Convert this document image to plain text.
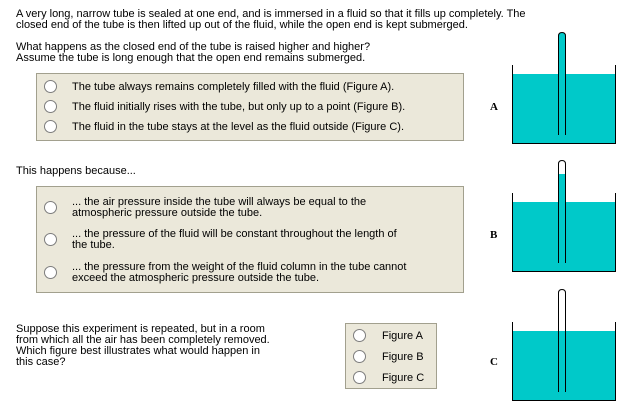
A very long, narrow tube is sealed at one end, and is immersed in a fluid so that it fills up completely. The

closed end of the tube is then lifted up out of the fluid, while the open end is kept submerged.

What happens as the closed end of the tube is raised higher and higher?

Assume the tube is long enough that the open end remains submerged.

The tube always remains completely filled with the fluid (Figure A).
The fluid initially rises with the tube, but only up to a point (Figure B).
The fluid in the tube stays at the level as the fluid outside (Figure C).

This happens because...

... the air pressure inside the tube will always be equal to the
atmospheric pressure outside the tube.
... the pressure of the fluid will be constant throughout the length of
the tube.
... the pressure from the weight of the fluid column in the tube cannot
exceed the atmospheric pressure outside the tube.

Suppose this experiment is repeated, but in a room

from which all the air has been completely removed.

Which figure best illustrates what would happen in

this case?

Figure A
Figure B
Figure C
A
B
C
